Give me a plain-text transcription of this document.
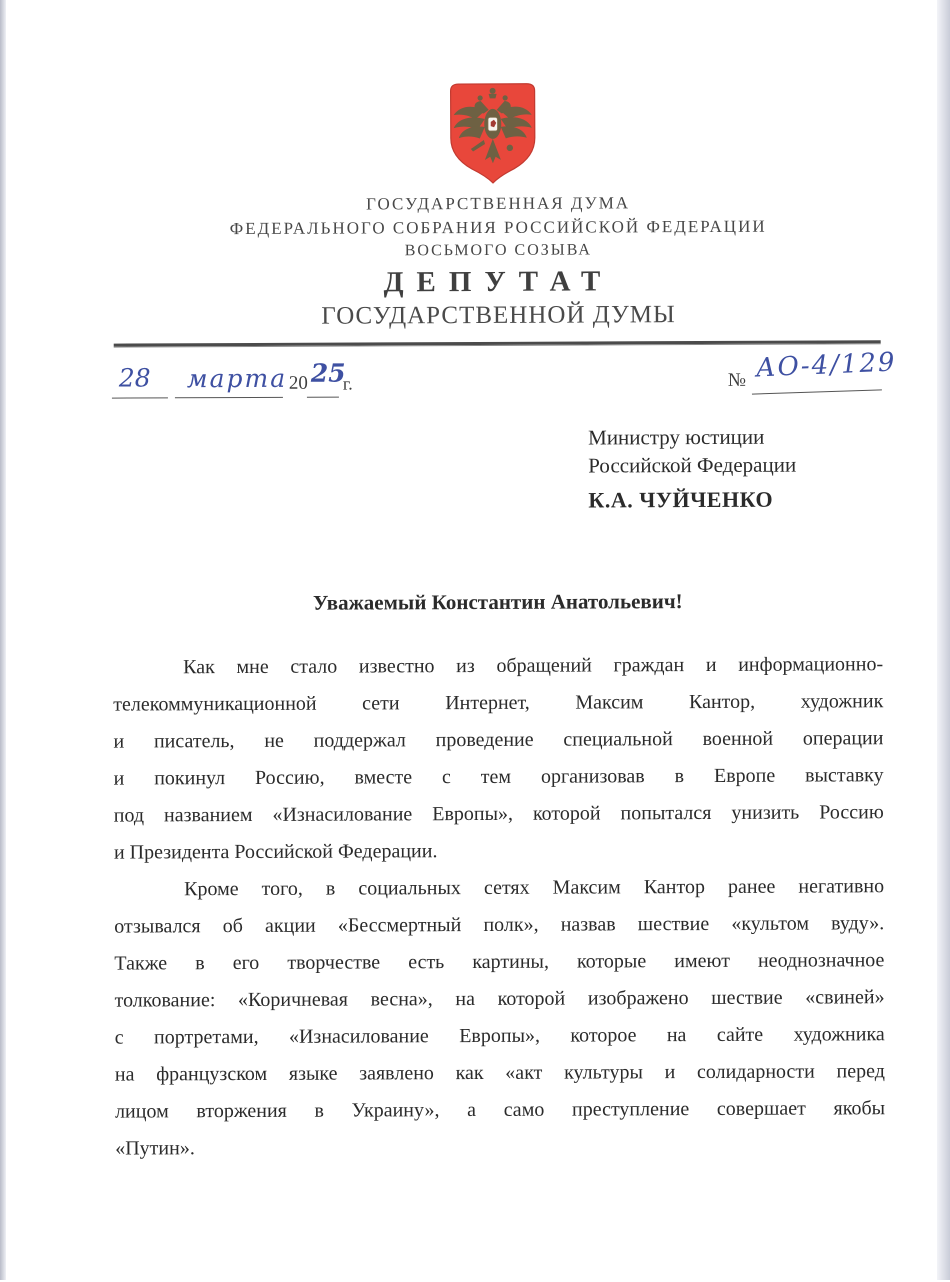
ГОСУДАРСТВЕННАЯ ДУМА
ФЕДЕРАЛЬНОГО СОБРАНИЯ РОССИЙСКОЙ ФЕДЕРАЦИИ
ВОСЬМОГО СОЗЫВА
ДЕПУТАТ
ГОСУДАРСТВЕННОЙ ДУМЫ
28 марта 20 25
г.	№ АО-4/129
Министру юстиции
Российской Федерации
К.А. ЧУЙЧЕНКО
Уважаемый Константин Анатольевич!
Как мне стало известно из обращений граждан и информационно-
телекоммуникационной сети Интернет, Максим Кантор, художник
и писатель, не поддержал проведение специальной военной операции
и покинул Россию, вместе с тем организовав в Европе выставку
под названием «Изнасилование Европы», которой попытался унизить Россию
и Президента Российской Федерации.
Кроме того, в социальных сетях Максим Кантор ранее негативно
отзывался об акции «Бессмертный полк», назвав шествие «культом вуду».
Также в его творчестве есть картины, которые имеют неоднозначное
толкование: «Коричневая весна», на которой изображено шествие «свиней»
с портретами, «Изнасилование Европы», которое на сайте художника
на французском языке заявлено как «акт культуры и солидарности перед
лицом вторжения в Украину», а само преступление совершает якобы
«Путин».
